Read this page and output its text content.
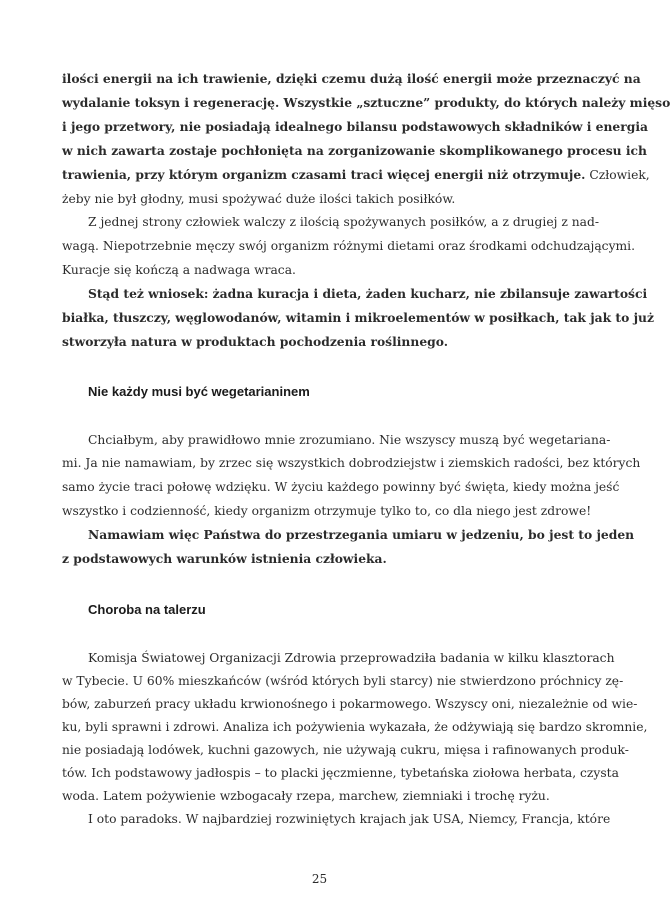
ilości energii na ich trawienie, dzięki czemu dużą ilość energii może przeznaczyć na
wydalanie toksyn i regenerację. Wszystkie „sztuczne” produkty, do których należy mięso
i jego przetwory, nie posiadają idealnego bilansu podstawowych składników i energia
w nich zawarta zostaje pochłonięta na zorganizowanie skomplikowanego procesu ich
trawienia, przy którym organizm czasami traci więcej energii niż otrzymuje. Człowiek,
żeby nie był głodny, musi spożywać duże ilości takich posiłków.
Z jednej strony człowiek walczy z ilością spożywanych posiłków, a z drugiej z nad-
wagą. Niepotrzebnie męczy swój organizm różnymi dietami oraz środkami odchudzającymi.
Kuracje się kończą a nadwaga wraca.
Stąd też wniosek: żadna kuracja i dieta, żaden kucharz, nie zbilansuje zawartości
białka, tłuszczy, węglowodanów, witamin i mikroelementów w posiłkach, tak jak to już
stworzyła natura w produktach pochodzenia roślinnego.
Nie każdy musi być wegetarianinem
Chciałbym, aby prawidłowo mnie zrozumiano. Nie wszyscy muszą być wegetariana-
mi. Ja nie namawiam, by zrzec się wszystkich dobrodziejstw i ziemskich radości, bez których
samo życie traci połowę wdzięku. W życiu każdego powinny być święta, kiedy można jeść
wszystko i codzienność, kiedy organizm otrzymuje tylko to, co dla niego jest zdrowe!
Namawiam więc Państwa do przestrzegania umiaru w jedzeniu, bo jest to jeden
z podstawowych warunków istnienia człowieka.
Choroba na talerzu
Komisja Światowej Organizacji Zdrowia przeprowadziła badania w kilku klasztorach
w Tybecie. U 60% mieszkańców (wśród których byli starcy) nie stwierdzono próchnicy zę-
bów, zaburzeń pracy układu krwionośnego i pokarmowego. Wszyscy oni, niezależnie od wie-
ku, byli sprawni i zdrowi. Analiza ich pożywienia wykazała, że odżywiają się bardzo skromnie,
nie posiadają lodówek, kuchni gazowych, nie używają cukru, mięsa i rafinowanych produk-
tów. Ich podstawowy jadłospis – to placki jęczmienne, tybetańska ziołowa herbata, czysta
woda. Latem pożywienie wzbogacały rzepa, marchew, ziemniaki i trochę ryżu.
I oto paradoks. W najbardziej rozwiniętych krajach jak USA, Niemcy, Francja, które
25
